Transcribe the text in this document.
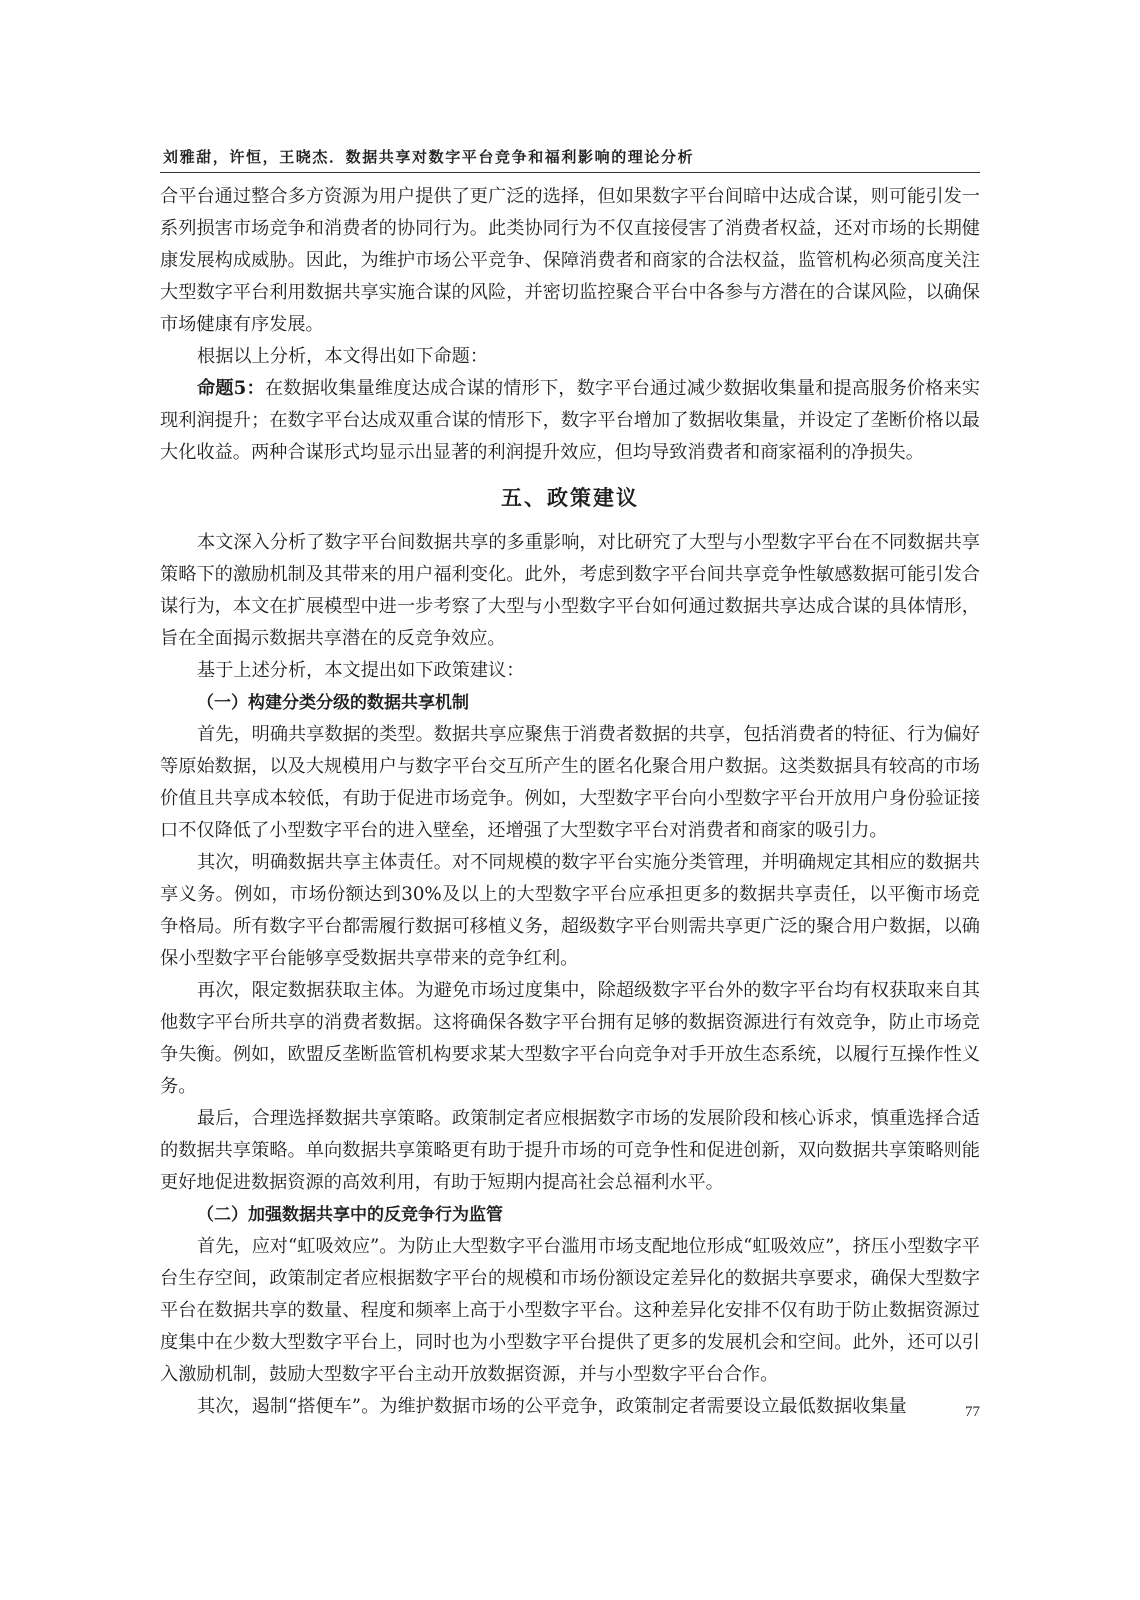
刘雅甜，许恒，王晓杰．数据共享对数字平台竞争和福利影响的理论分析

合平台通过整合多方资源为用户提供了更广泛的选择，但如果数字平台间暗中达成合谋，则可能引发一系列损害市场竞争和消费者的协同行为。此类协同行为不仅直接侵害了消费者权益，还对市场的长期健康发展构成威胁。因此，为维护市场公平竞争、保障消费者和商家的合法权益，监管机构必须高度关注大型数字平台利用数据共享实施合谋的风险，并密切监控聚合平台中各参与方潜在的合谋风险，以确保市场健康有序发展。

根据以上分析，本文得出如下命题：

命题5：在数据收集量维度达成合谋的情形下，数字平台通过减少数据收集量和提高服务价格来实现利润提升；在数字平台达成双重合谋的情形下，数字平台增加了数据收集量，并设定了垄断价格以最大化收益。两种合谋形式均显示出显著的利润提升效应，但均导致消费者和商家福利的净损失。

五、政策建议

本文深入分析了数字平台间数据共享的多重影响，对比研究了大型与小型数字平台在不同数据共享策略下的激励机制及其带来的用户福利变化。此外，考虑到数字平台间共享竞争性敏感数据可能引发合谋行为，本文在扩展模型中进一步考察了大型与小型数字平台如何通过数据共享达成合谋的具体情形，旨在全面揭示数据共享潜在的反竞争效应。

基于上述分析，本文提出如下政策建议：

（一）构建分类分级的数据共享机制

首先，明确共享数据的类型。数据共享应聚焦于消费者数据的共享，包括消费者的特征、行为偏好等原始数据，以及大规模用户与数字平台交互所产生的匿名化聚合用户数据。这类数据具有较高的市场价值且共享成本较低，有助于促进市场竞争。例如，大型数字平台向小型数字平台开放用户身份验证接口不仅降低了小型数字平台的进入壁垒，还增强了大型数字平台对消费者和商家的吸引力。

其次，明确数据共享主体责任。对不同规模的数字平台实施分类管理，并明确规定其相应的数据共享义务。例如，市场份额达到30%及以上的大型数字平台应承担更多的数据共享责任，以平衡市场竞争格局。所有数字平台都需履行数据可移植义务，超级数字平台则需共享更广泛的聚合用户数据，以确保小型数字平台能够享受数据共享带来的竞争红利。

再次，限定数据获取主体。为避免市场过度集中，除超级数字平台外的数字平台均有权获取来自其他数字平台所共享的消费者数据。这将确保各数字平台拥有足够的数据资源进行有效竞争，防止市场竞争失衡。例如，欧盟反垄断监管机构要求某大型数字平台向竞争对手开放生态系统，以履行互操作性义务。

最后，合理选择数据共享策略。政策制定者应根据数字市场的发展阶段和核心诉求，慎重选择合适的数据共享策略。单向数据共享策略更有助于提升市场的可竞争性和促进创新，双向数据共享策略则能更好地促进数据资源的高效利用，有助于短期内提高社会总福利水平。

（二）加强数据共享中的反竞争行为监管

首先，应对“虹吸效应”。为防止大型数字平台滥用市场支配地位形成“虹吸效应”，挤压小型数字平台生存空间，政策制定者应根据数字平台的规模和市场份额设定差异化的数据共享要求，确保大型数字平台在数据共享的数量、程度和频率上高于小型数字平台。这种差异化安排不仅有助于防止数据资源过度集中在少数大型数字平台上，同时也为小型数字平台提供了更多的发展机会和空间。此外，还可以引入激励机制，鼓励大型数字平台主动开放数据资源，并与小型数字平台合作。

其次，遏制“搭便车”。为维护数据市场的公平竞争，政策制定者需要设立最低数据收集量	77
